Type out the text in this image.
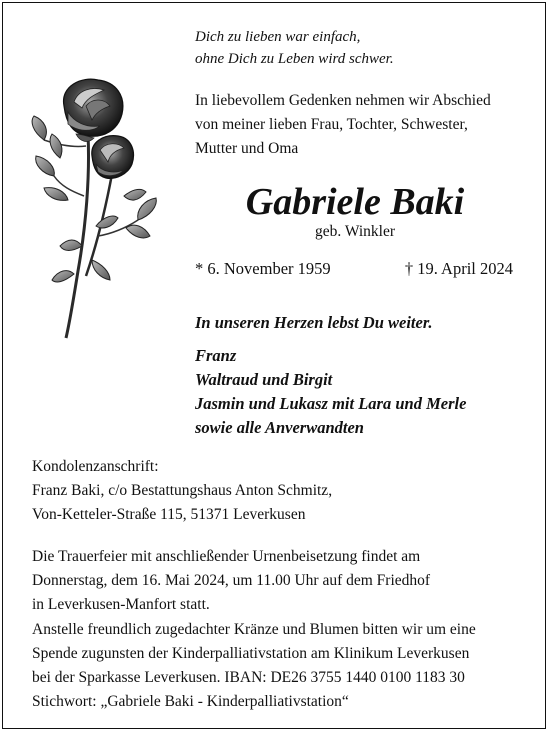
Dich zu lieben war einfach,
ohne Dich zu Leben wird schwer.
In liebevollem Gedenken nehmen wir Abschied
von meiner lieben Frau, Tochter, Schwester,
Mutter und Oma
Gabriele Baki
geb. Winkler
* 6. November 1959	† 19. April 2024
In unseren Herzen lebst Du weiter.
Franz
Waltraud und Birgit
Jasmin und Lukasz mit Lara und Merle
sowie alle Anverwandten
Kondolenzanschrift:
Franz Baki, c/o Bestattungshaus Anton Schmitz,
Von-Ketteler-Straße 115, 51371 Leverkusen
Die Trauerfeier mit anschließender Urnenbeisetzung findet am
Donnerstag, dem 16. Mai 2024, um 11.00 Uhr auf dem Friedhof
in Leverkusen-Manfort statt.
Anstelle freundlich zugedachter Kränze und Blumen bitten wir um eine
Spende zugunsten der Kinderpalliativstation am Klinikum Leverkusen
bei der Sparkasse Leverkusen. IBAN: DE26 3755 1440 0100 1183 30
Stichwort: „Gabriele Baki - Kinderpalliativstation“
